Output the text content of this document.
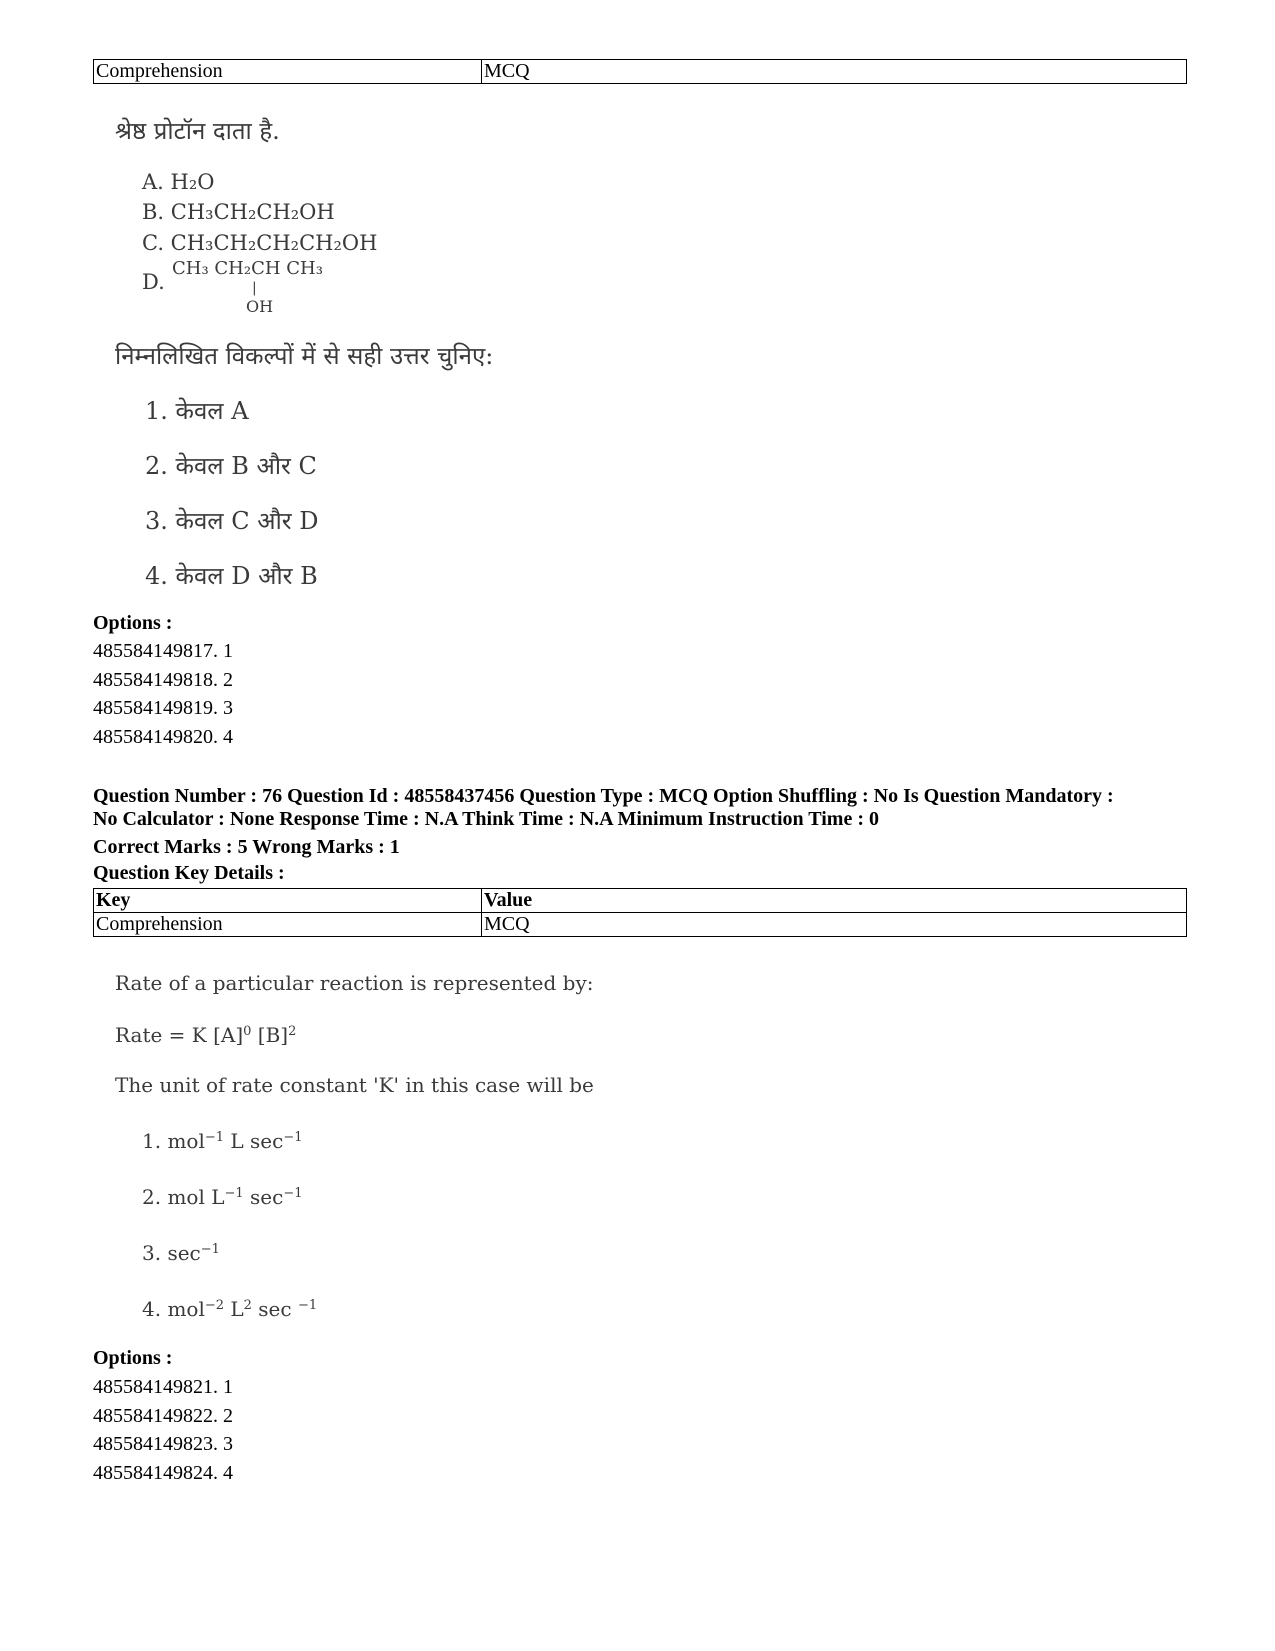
Comprehension	MCQ
श्रेष्ठ प्रोटॉन दाता है.
A. H₂O
B. CH₃CH₂CH₂OH
C. CH₃CH₂CH₂CH₂OH
D.
CH₃ CH₂CH CH₃
|
OH
निम्नलिखित विकल्पों में से सही उत्तर चुनिए:
1. केवल A
2. केवल B और C
3. केवल C और D
4. केवल D और B
Options :
485584149817. 1
485584149818. 2
485584149819. 3
485584149820. 4
Question Number : 76 Question Id : 48558437456 Question Type : MCQ Option Shuffling : No Is Question Mandatory :
No Calculator : None Response Time : N.A Think Time : N.A Minimum Instruction Time : 0
Correct Marks : 5 Wrong Marks : 1
Question Key Details :
Key	Value
Comprehension	MCQ
Rate of a particular reaction is represented by:
Rate = K $[A]^0$ $[B]^2$
The unit of rate constant 'K' in this case will be
1. mol$^{-1}$ L $\sec^{-1}$
2. mol $L^{-1}$ $\sec^{-1}$
3. $\sec^{-1}$
4. mol$^{-2}$ $L^2$ sec $^{-1}$
Options :
485584149821. 1
485584149822. 2
485584149823. 3
485584149824. 4
